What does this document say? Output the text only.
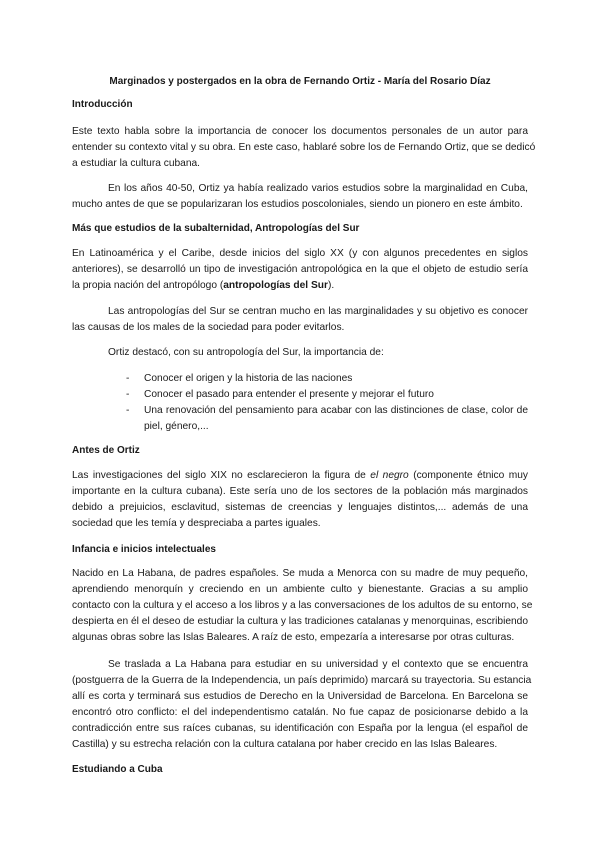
Marginados y postergados en la obra de Fernando Ortiz - María del Rosario Díaz
Introducción
Este texto habla sobre la importancia de conocer los documentos personales de un autor para
entender su contexto vital y su obra. En este caso, hablaré sobre los de Fernando Ortiz, que se dedicó
a estudiar la cultura cubana.
En los años 40-50, Ortiz ya había realizado varios estudios sobre la marginalidad en Cuba,
mucho antes de que se popularizaran los estudios poscoloniales, siendo un pionero en este ámbito.
Más que estudios de la subalternidad, Antropologías del Sur
En Latinoamérica y el Caribe, desde inicios del siglo XX (y con algunos precedentes en siglos
anteriores), se desarrolló un tipo de investigación antropológica en la que el objeto de estudio sería
la propia nación del antropólogo (antropologías del Sur).
Las antropologías del Sur se centran mucho en las marginalidades y su objetivo es conocer
las causas de los males de la sociedad para poder evitarlos.
Ortiz destacó, con su antropología del Sur, la importancia de:
- Conocer el origen y la historia de las naciones
- Conocer el pasado para entender el presente y mejorar el futuro
- Una renovación del pensamiento para acabar con las distinciones de clase, color de piel, género,...
Antes de Ortiz
Las investigaciones del siglo XIX no esclarecieron la figura de el negro (componente étnico muy
importante en la cultura cubana). Este sería uno de los sectores de la población más marginados
debido a prejuicios, esclavitud, sistemas de creencias y lenguajes distintos,... además de una
sociedad que les temía y despreciaba a partes iguales.
Infancia e inicios intelectuales
Nacido en La Habana, de padres españoles. Se muda a Menorca con su madre de muy pequeño,
aprendiendo menorquín y creciendo en un ambiente culto y bienestante. Gracias a su amplio
contacto con la cultura y el acceso a los libros y a las conversaciones de los adultos de su entorno, se
despierta en él el deseo de estudiar la cultura y las tradiciones catalanas y menorquinas, escribiendo
algunas obras sobre las Islas Baleares. A raíz de esto, empezaría a interesarse por otras culturas.
Se traslada a La Habana para estudiar en su universidad y el contexto que se encuentra
(postguerra de la Guerra de la Independencia, un país deprimido) marcará su trayectoria. Su estancia
allí es corta y terminará sus estudios de Derecho en la Universidad de Barcelona. En Barcelona se
encontró otro conflicto: el del independentismo catalán. No fue capaz de posicionarse debido a la
contradicción entre sus raíces cubanas, su identificación con España por la lengua (el español de
Castilla) y su estrecha relación con la cultura catalana por haber crecido en las Islas Baleares.
Estudiando a Cuba
